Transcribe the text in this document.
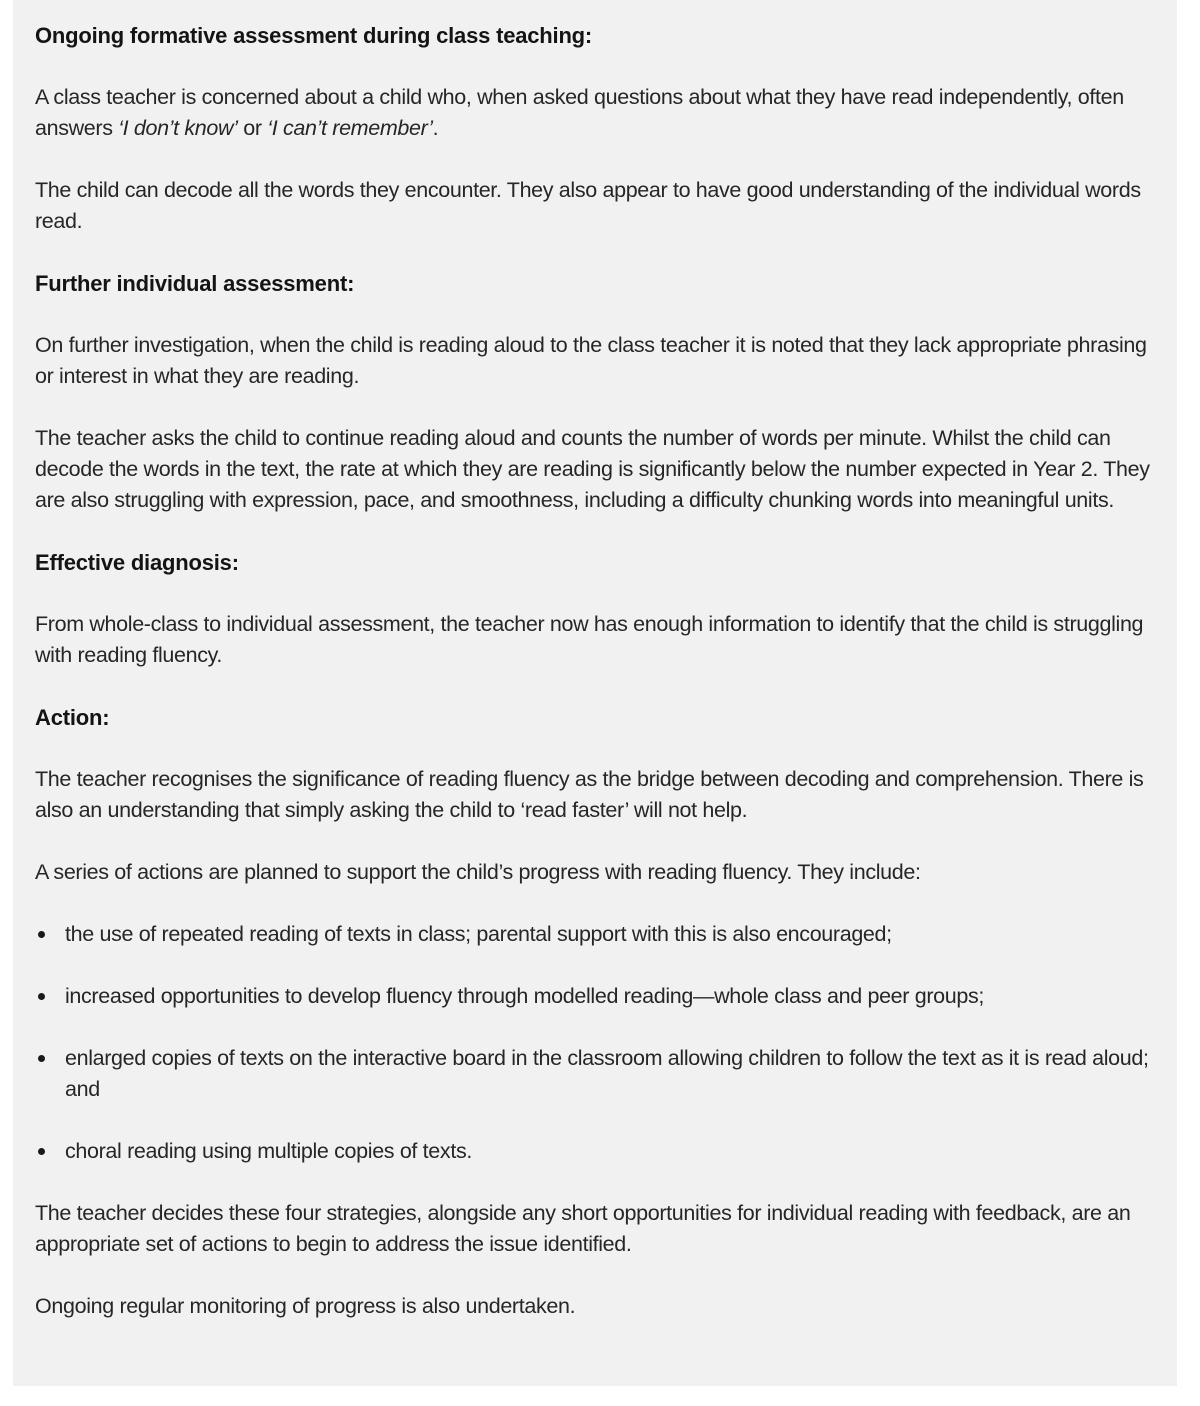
Ongoing formative assessment during class teaching:

A class teacher is concerned about a child who, when asked questions about what they have read independently, often answers ‘I don’t know’ or ‘I can’t remember’.

The child can decode all the words they encounter. They also appear to have good understanding of the individual words read.

Further individual assessment:

On further investigation, when the child is reading aloud to the class teacher it is noted that they lack appropriate phrasing or interest in what they are reading.

The teacher asks the child to continue reading aloud and counts the number of words per minute. Whilst the child can decode the words in the text, the rate at which they are reading is significantly below the number expected in Year 2. They are also struggling with expression, pace, and smoothness, including a difficulty chunking words into meaningful units.

Effective diagnosis:

From whole-class to individual assessment, the teacher now has enough information to identify that the child is struggling with reading fluency.

Action:

The teacher recognises the significance of reading fluency as the bridge between decoding and comprehension. There is also an understanding that simply asking the child to ‘read faster’ will not help.

A series of actions are planned to support the child’s progress with reading fluency. They include:

the use of repeated reading of texts in class; parental support with this is also encouraged;
increased opportunities to develop fluency through modelled reading—whole class and peer groups;
enlarged copies of texts on the interactive board in the classroom allowing children to follow the text as it is read aloud; and
choral reading using multiple copies of texts.

The teacher decides these four strategies, alongside any short opportunities for individual reading with feedback, are an appropriate set of actions to begin to address the issue identified.

Ongoing regular monitoring of progress is also undertaken.
